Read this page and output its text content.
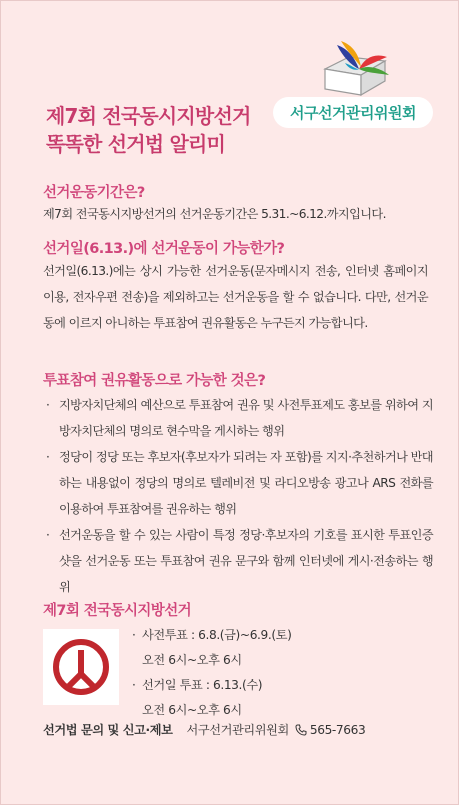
서구선거관리위원회
제7회 전국동시지방선거
똑똑한 선거법 알리미
선거운동기간은?
제7회 전국동시지방선거의 선거운동기간은 5.31.~6.12.까지입니다.
선거일(6.13.)에 선거운동이 가능한가?
선거일(6.13.)에는 상시 가능한 선거운동(문자메시지 전송, 인터넷 홈페이지 이용, 전자우편 전송)을 제외하고는 선거운동을 할 수 없습니다. 다만, 선거운동에 이르지 아니하는 투표참여 권유활동은 누구든지 가능합니다.
투표참여 권유활동으로 가능한 것은?
· 지방자치단체의 예산으로 투표참여 권유 및 사전투표제도 홍보를 위하여 지방자치단체의 명의로 현수막을 게시하는 행위
· 정당이 정당 또는 후보자(후보자가 되려는 자 포함)를 지지·추천하거나 반대하는 내용없이 정당의 명의로 텔레비전 및 라디오방송 광고나 ARS 전화를 이용하여 투표참여를 권유하는 행위
· 선거운동을 할 수 있는 사람이 특정 정당·후보자의 기호를 표시한 투표인증샷을 선거운동 또는 투표참여 권유 문구와 함께 인터넷에 게시·전송하는 행위
제7회 전국동시지방선거
· 사전투표 : 6.8.(금)~6.9.(토)
오전 6시~오후 6시
· 선거일 투표 : 6.13.(수)
오전 6시~오후 6시
선거법 문의 및 신고·제보 서구선거관리위원회 565-7663
